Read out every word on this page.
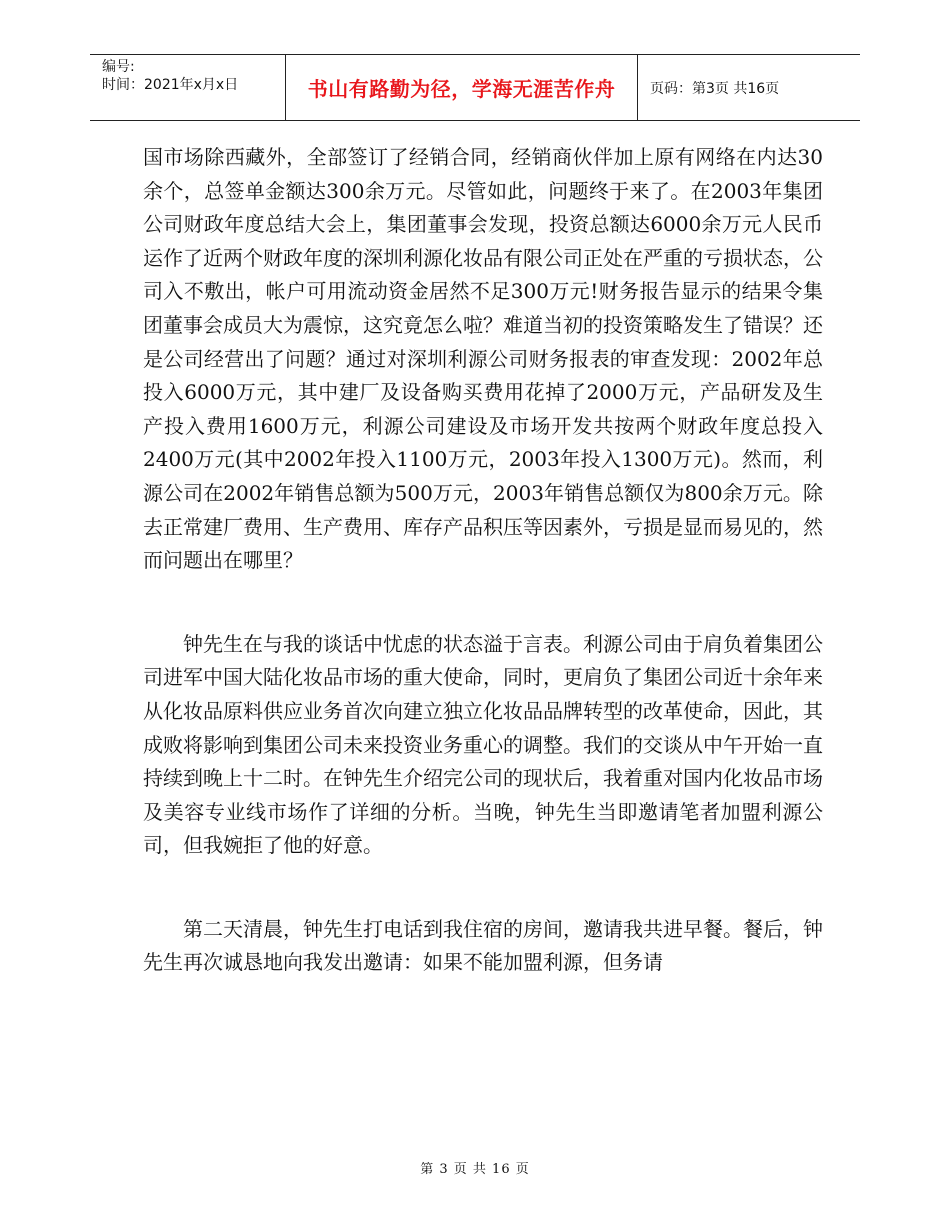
编号:
时间：2021年x月x日	书山有路勤为径，学海无涯苦作舟	页码：第3页 共16页

国市场除西藏外，全部签订了经销合同，经销商伙伴加上原有网络在内达30余个，总签单金额达300余万元。尽管如此，问题终于来了。在2003年集团公司财政年度总结大会上，集团董事会发现，投资总额达6000余万元人民币运作了近两个财政年度的深圳利源化妆品有限公司正处在严重的亏损状态，公司入不敷出，帐户可用流动资金居然不足300万元!财务报告显示的结果令集团董事会成员大为震惊，这究竟怎么啦？难道当初的投资策略发生了错误？还是公司经营出了问题？通过对深圳利源公司财务报表的审查发现：2002年总投入6000万元，其中建厂及设备购买费用花掉了2000万元，产品研发及生产投入费用1600万元，利源公司建设及市场开发共按两个财政年度总投入2400万元(其中2002年投入1100万元，2003年投入1300万元)。然而，利源公司在2002年销售总额为500万元，2003年销售总额仅为800余万元。除去正常建厂费用、生产费用、库存产品积压等因素外，亏损是显而易见的，然而问题出在哪里？

钟先生在与我的谈话中忧虑的状态溢于言表。利源公司由于肩负着集团公司进军中国大陆化妆品市场的重大使命，同时，更肩负了集团公司近十余年来从化妆品原料供应业务首次向建立独立化妆品品牌转型的改革使命，因此，其成败将影响到集团公司未来投资业务重心的调整。我们的交谈从中午开始一直持续到晚上十二时。在钟先生介绍完公司的现状后，我着重对国内化妆品市场及美容专业线市场作了详细的分析。当晚，钟先生当即邀请笔者加盟利源公司，但我婉拒了他的好意。

第二天清晨，钟先生打电话到我住宿的房间，邀请我共进早餐。餐后，钟先生再次诚恳地向我发出邀请：如果不能加盟利源，但务请

第 3 页 共 16 页
